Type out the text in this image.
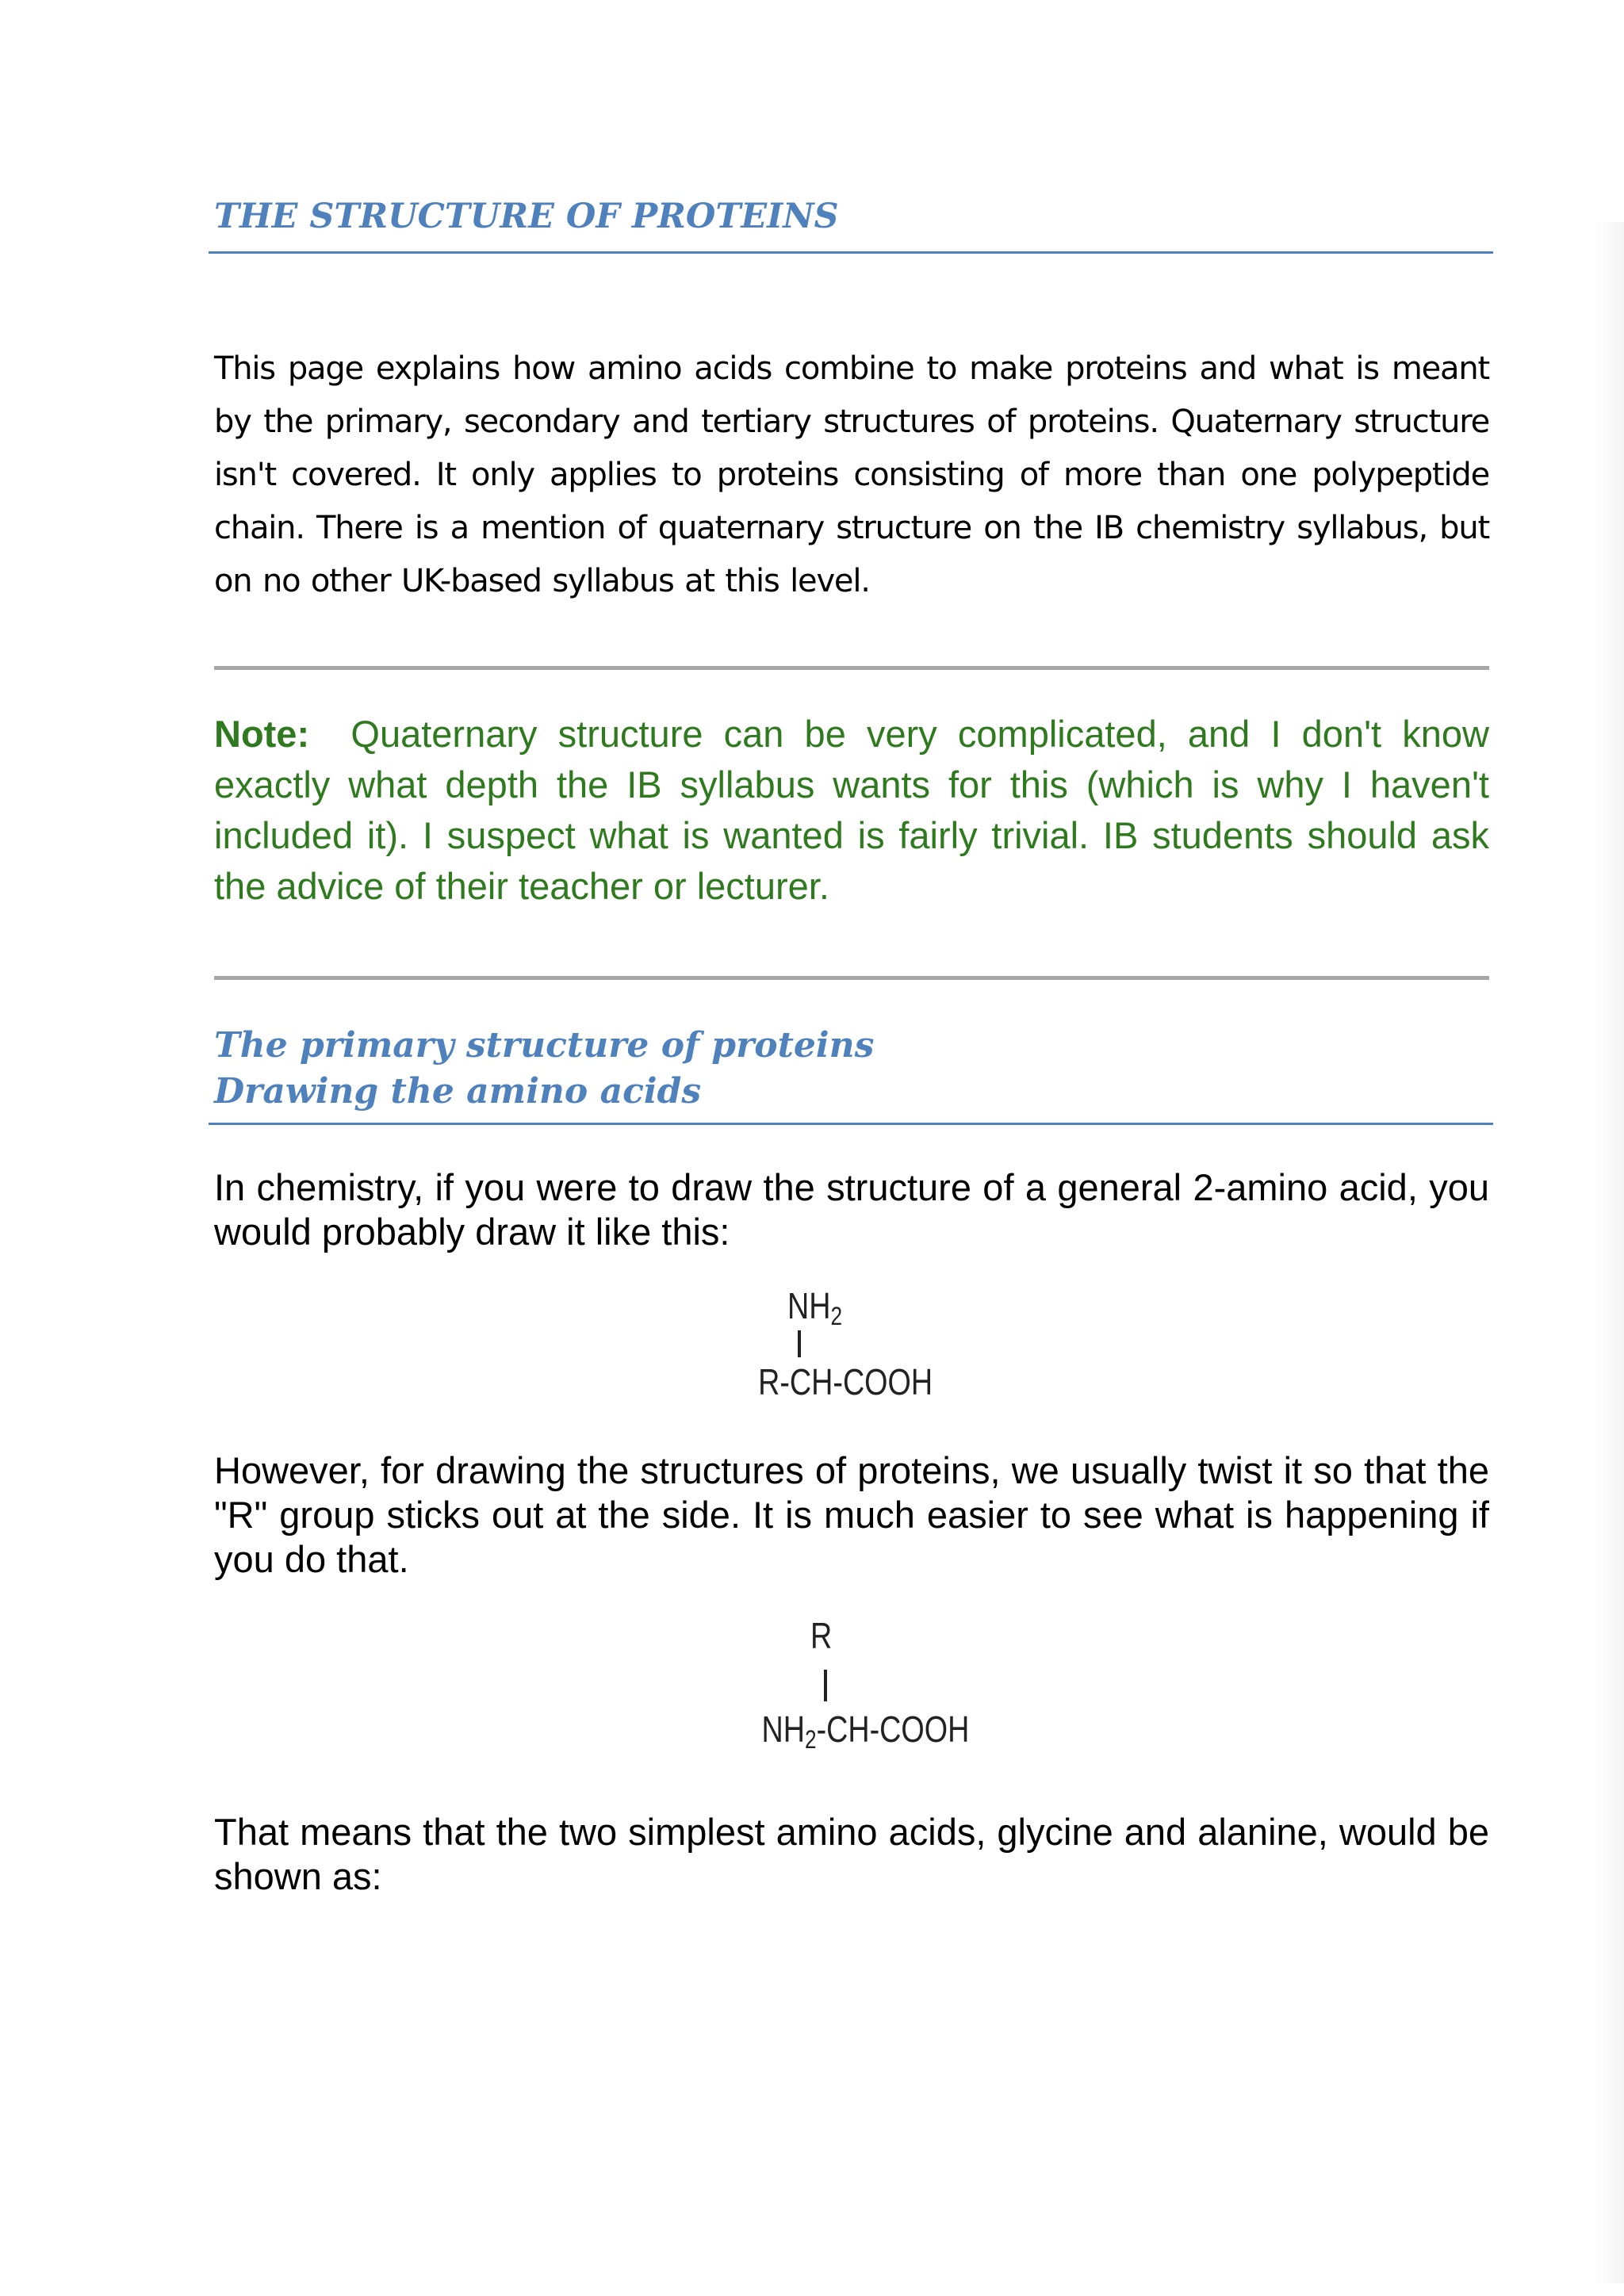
THE STRUCTURE OF PROTEINS
This page explains how amino acids combine to make proteins and what is meant by the primary, secondary and tertiary structures of proteins. Quaternary structure isn't covered. It only applies to proteins consisting of more than one polypeptide chain. There is a mention of quaternary structure on the IB chemistry syllabus, but on no other UK-based syllabus at this level.
Note: Quaternary structure can be very complicated, and I don't know exactly what depth the IB syllabus wants for this (which is why I haven't included it). I suspect what is wanted is fairly trivial. IB students should ask the advice of their teacher or lecturer.
The primary structure of proteins
Drawing the amino acids
In chemistry, if you were to draw the structure of a general 2-amino acid, you would probably draw it like this:
$NH_2$
R-CH-COOH
However, for drawing the structures of proteins, we usually twist it so that the "R" group sticks out at the side. It is much easier to see what is happening if you do that.
R
$NH_2-CH$-COOH
That means that the two simplest amino acids, glycine and alanine, would be shown as:
